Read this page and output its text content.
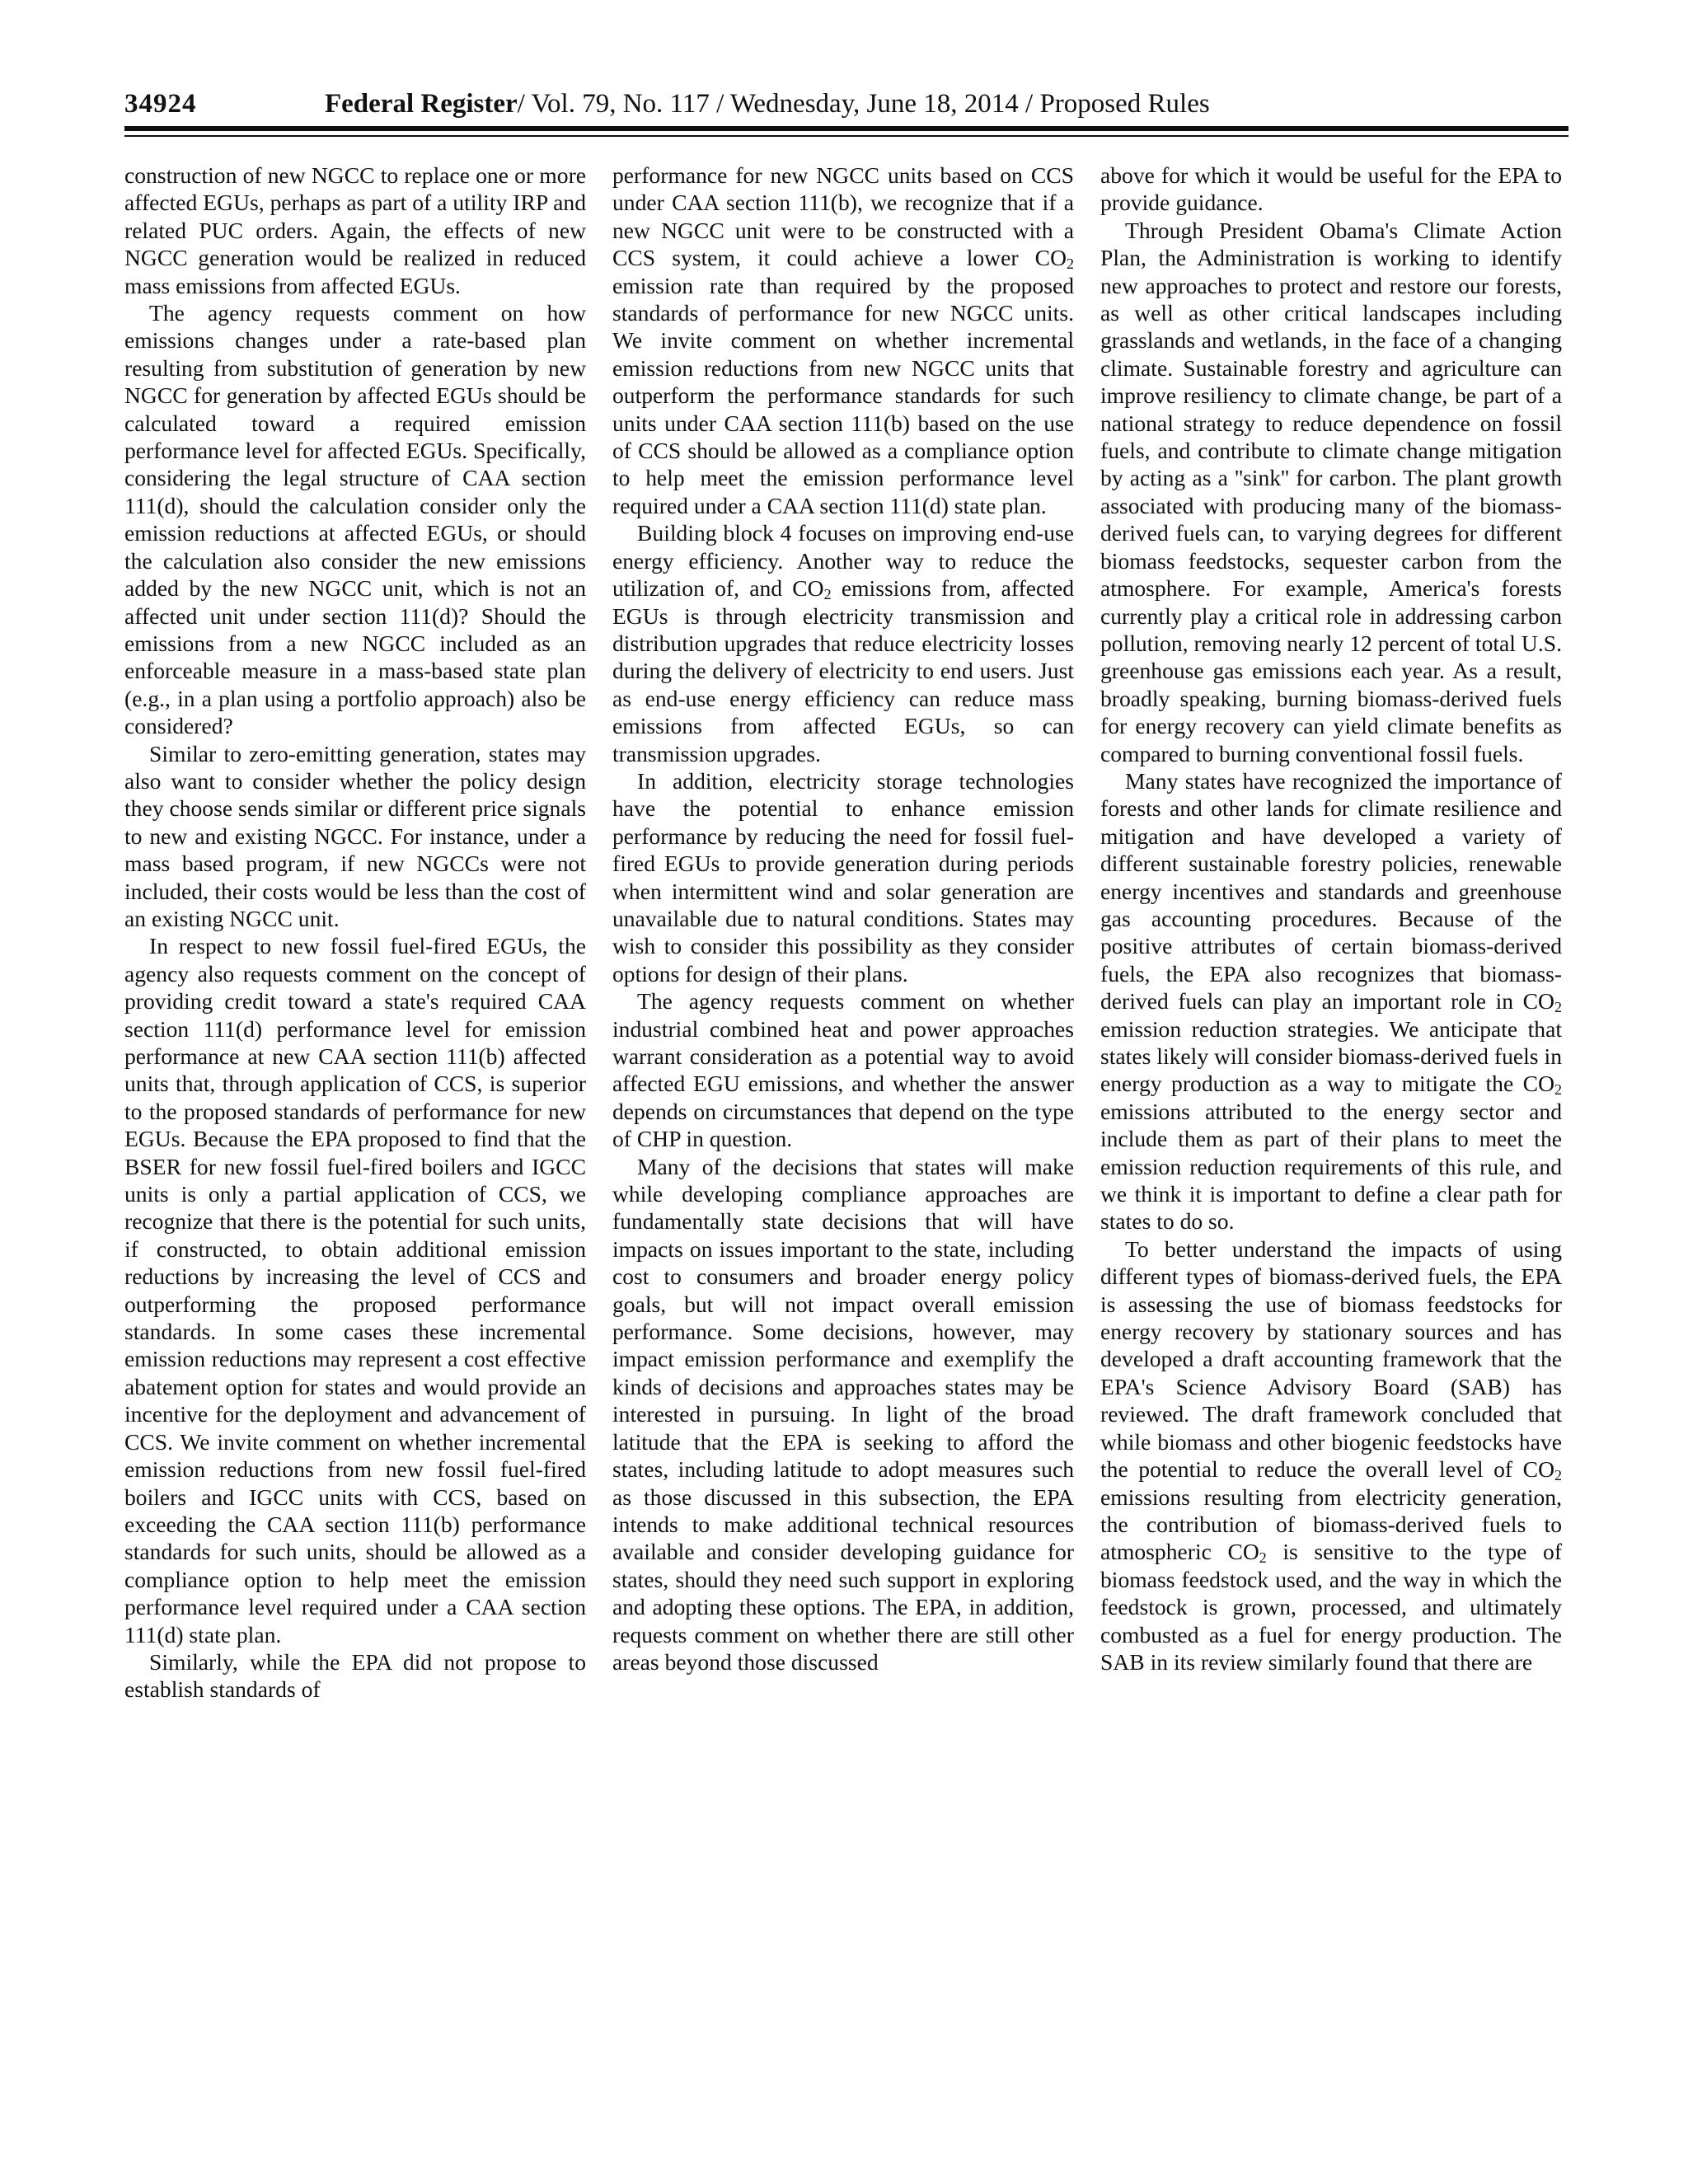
34924	Federal Register/ Vol. 79, No. 117 / Wednesday, June 18, 2014 / Proposed Rules

construction of new NGCC to replace one or more affected EGUs, perhaps as part of a utility IRP and related PUC orders. Again, the effects of new NGCC generation would be realized in reduced mass emissions from affected EGUs.

The agency requests comment on how emissions changes under a rate-based plan resulting from substitution of generation by new NGCC for generation by affected EGUs should be calculated toward a required emission performance level for affected EGUs. Specifically, considering the legal structure of CAA section 111(d), should the calculation consider only the emission reductions at affected EGUs, or should the calculation also consider the new emissions added by the new NGCC unit, which is not an affected unit under section 111(d)? Should the emissions from a new NGCC included as an enforceable measure in a mass-based state plan (e.g., in a plan using a portfolio approach) also be considered?

Similar to zero-emitting generation, states may also want to consider whether the policy design they choose sends similar or different price signals to new and existing NGCC. For instance, under a mass based program, if new NGCCs were not included, their costs would be less than the cost of an existing NGCC unit.

In respect to new fossil fuel-fired EGUs, the agency also requests comment on the concept of providing credit toward a state's required CAA section 111(d) performance level for emission performance at new CAA section 111(b) affected units that, through application of CCS, is superior to the proposed standards of performance for new EGUs. Because the EPA proposed to find that the BSER for new fossil fuel-fired boilers and IGCC units is only a partial application of CCS, we recognize that there is the potential for such units, if constructed, to obtain additional emission reductions by increasing the level of CCS and outperforming the proposed performance standards. In some cases these incremental emission reductions may represent a cost effective abatement option for states and would provide an incentive for the deployment and advancement of CCS. We invite comment on whether incremental emission reductions from new fossil fuel-fired boilers and IGCC units with CCS, based on exceeding the CAA section 111(b) performance standards for such units, should be allowed as a compliance option to help meet the emission performance level required under a CAA section 111(d) state plan.

Similarly, while the EPA did not propose to establish standards of

performance for new NGCC units based on CCS under CAA section 111(b), we recognize that if a new NGCC unit were to be constructed with a CCS system, it could achieve a lower $CO_2$ emission rate than required by the proposed standards of performance for new NGCC units. We invite comment on whether incremental emission reductions from new NGCC units that outperform the performance standards for such units under CAA section 111(b) based on the use of CCS should be allowed as a compliance option to help meet the emission performance level required under a CAA section 111(d) state plan.

Building block 4 focuses on improving end-use energy efficiency. Another way to reduce the utilization of, and $CO_2$ emissions from, affected EGUs is through electricity transmission and distribution upgrades that reduce electricity losses during the delivery of electricity to end users. Just as end-use energy efficiency can reduce mass emissions from affected EGUs, so can transmission upgrades.

In addition, electricity storage technologies have the potential to enhance emission performance by reducing the need for fossil fuel-fired EGUs to provide generation during periods when intermittent wind and solar generation are unavailable due to natural conditions. States may wish to consider this possibility as they consider options for design of their plans.

The agency requests comment on whether industrial combined heat and power approaches warrant consideration as a potential way to avoid affected EGU emissions, and whether the answer depends on circumstances that depend on the type of CHP in question.

Many of the decisions that states will make while developing compliance approaches are fundamentally state decisions that will have impacts on issues important to the state, including cost to consumers and broader energy policy goals, but will not impact overall emission performance. Some decisions, however, may impact emission performance and exemplify the kinds of decisions and approaches states may be interested in pursuing. In light of the broad latitude that the EPA is seeking to afford the states, including latitude to adopt measures such as those discussed in this subsection, the EPA intends to make additional technical resources available and consider developing guidance for states, should they need such support in exploring and adopting these options. The EPA, in addition, requests comment on whether there are still other areas beyond those discussed

above for which it would be useful for the EPA to provide guidance.

Through President Obama's Climate Action Plan, the Administration is working to identify new approaches to protect and restore our forests, as well as other critical landscapes including grasslands and wetlands, in the face of a changing climate. Sustainable forestry and agriculture can improve resiliency to climate change, be part of a national strategy to reduce dependence on fossil fuels, and contribute to climate change mitigation by acting as a ''sink'' for carbon. The plant growth associated with producing many of the biomass-derived fuels can, to varying degrees for different biomass feedstocks, sequester carbon from the atmosphere. For example, America's forests currently play a critical role in addressing carbon pollution, removing nearly 12 percent of total U.S. greenhouse gas emissions each year. As a result, broadly speaking, burning biomass-derived fuels for energy recovery can yield climate benefits as compared to burning conventional fossil fuels.

Many states have recognized the importance of forests and other lands for climate resilience and mitigation and have developed a variety of different sustainable forestry policies, renewable energy incentives and standards and greenhouse gas accounting procedures. Because of the positive attributes of certain biomass-derived fuels, the EPA also recognizes that biomass-derived fuels can play an important role in $CO_2$ emission reduction strategies. We anticipate that states likely will consider biomass-derived fuels in energy production as a way to mitigate the $CO_2$ emissions attributed to the energy sector and include them as part of their plans to meet the emission reduction requirements of this rule, and we think it is important to define a clear path for states to do so.

To better understand the impacts of using different types of biomass-derived fuels, the EPA is assessing the use of biomass feedstocks for energy recovery by stationary sources and has developed a draft accounting framework that the EPA's Science Advisory Board (SAB) has reviewed. The draft framework concluded that while biomass and other biogenic feedstocks have the potential to reduce the overall level of $CO_2$ emissions resulting from electricity generation, the contribution of biomass-derived fuels to atmospheric $CO_2$ is sensitive to the type of biomass feedstock used, and the way in which the feedstock is grown, processed, and ultimately combusted as a fuel for energy production. The SAB in its review similarly found that there are
